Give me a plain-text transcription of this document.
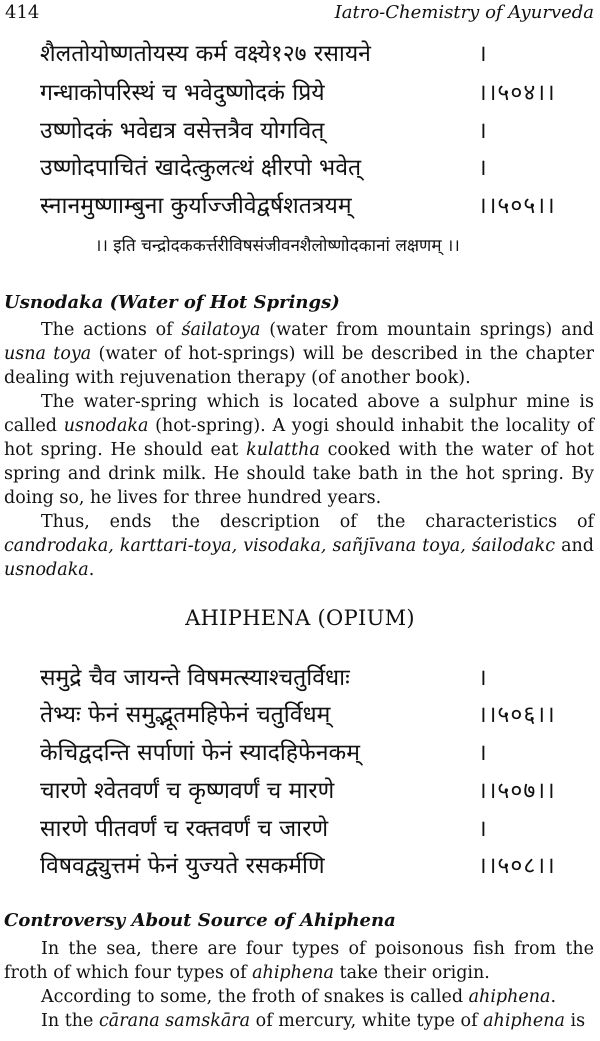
414	Iatro-Chemistry of Ayurveda
शैलतोयोष्णतोयस्य कर्म वक्ष्ये१२७ रसायने	।
गन्धाकोपरिस्थं च भवेदुष्णोदकं प्रिये	।।५०४।।
उष्णोदकं भवेद्यत्र वसेत्तत्रैव योगवित्	।
उष्णोदपाचितं खादेत्कुलत्थं क्षीरपो भवेत्	।
स्नानमुष्णाम्बुना कुर्याज्जीवेद्वर्षशतत्रयम्	।।५०५।।
।। इति चन्द्रोदककर्त्तरीविषसंजीवनशैलोष्णोदकानां लक्षणम् ।।
Usnodaka (Water of Hot Springs)

The actions of śailatoya (water from mountain springs) and usna toya (water of hot-springs) will be described in the chapter dealing with rejuvenation therapy (of another book).

The water-spring which is located above a sulphur mine is called usnodaka (hot-spring). A yogi should inhabit the locality of hot spring. He should eat kulattha cooked with the water of hot spring and drink milk. He should take bath in the hot spring. By doing so, he lives for three hundred years.

Thus, ends the description of the characteristics of candrodaka, karttari-toya, visodaka, sañjīvana toya, śailodakc and usnodaka.

AHIPHENA (OPIUM)
समुद्रे चैव जायन्ते विषमत्स्याश्चतुर्विधाः	।
तेभ्यः फेनं समुद्भूतमहिफेनं चतुर्विधम्	।।५०६।।
केचिद्वदन्ति सर्पाणां फेनं स्यादहिफेनकम्	।
चारणे श्वेतवर्णं च कृष्णवर्णं च मारणे	।।५०७।।
सारणे पीतवर्णं च रक्तवर्णं च जारणे	।
विषवद्व्युत्तमं फेनं युज्यते रसकर्मणि	।।५०८।।
Controversy About Source of Ahiphena

In the sea, there are four types of poisonous fish from the froth of which four types of ahiphena take their origin.

According to some, the froth of snakes is called ahiphena.

In the cārana samskāra of mercury, white type of ahiphena is
